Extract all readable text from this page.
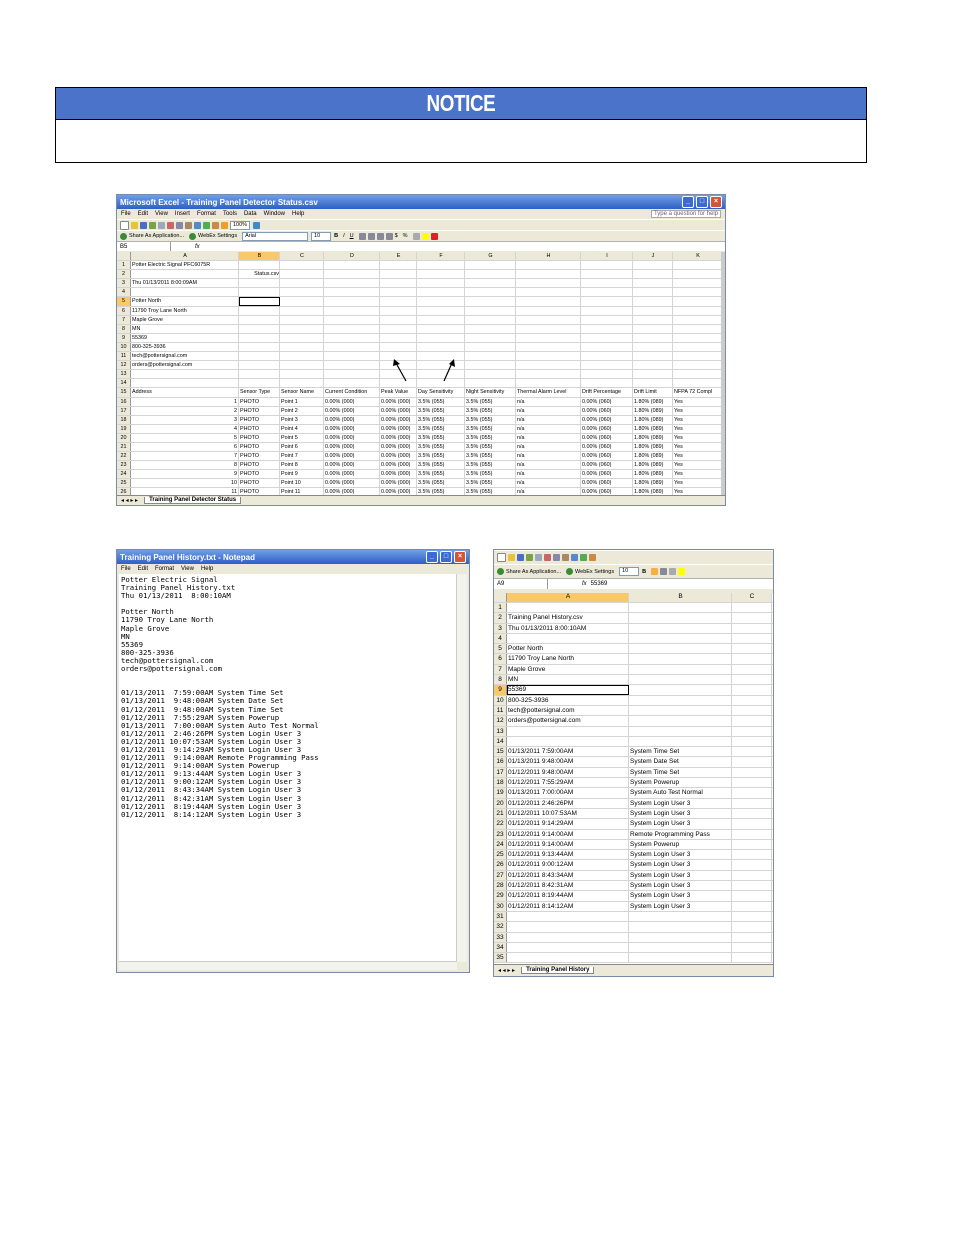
NOTICE
Microsoft Excel - Training Panel Detector Status.csv	_	□	×
File Edit View Insert Format Tools Data Window Help	Type a question for help
100%
Share As Application...	WebEx Settings	Arial	10	B I U	$ %
B5	fx
A	B	C	D	E	F	G	H	I	J	K
1	Potter Electric Signal PFC6075R
2	Status.csv
3	Thu 01/13/2011 8:00:09AM
4
5	Potter North
6	11790 Troy Lane North
7	Maple Grove
8	MN
9	55369
10	800-325-3936
11	tech@pottersignal.com
12	orders@pottersignal.com
13
14
15	Address	Sensor Type	Sensor Name	Current Condition	Peak Value	Day Sensitivity	Night Sensitivity	Thermal Alarm Level	Drift Percentage	Drift Limit	NFPA 72 Compl
16	1 PHOTO	Point 1	0.00% (000)	0.00% (000)	3.5% (055)	3.5% (055)	n/a	0.00% (060)	1.80% (089)	Yes
17	2 PHOTO	Point 2	0.00% (000)	0.00% (000)	3.5% (055)	3.5% (055)	n/a	0.00% (060)	1.80% (089)	Yes
18	3 PHOTO	Point 3	0.00% (000)	0.00% (000)	3.5% (055)	3.5% (055)	n/a	0.00% (060)	1.80% (089)	Yes
19	4 PHOTO	Point 4	0.00% (000)	0.00% (000)	3.5% (055)	3.5% (055)	n/a	0.00% (060)	1.80% (089)	Yes
20	5 PHOTO	Point 5	0.00% (000)	0.00% (000)	3.5% (055)	3.5% (055)	n/a	0.00% (060)	1.80% (089)	Yes
21	6 PHOTO	Point 6	0.00% (000)	0.00% (000)	3.5% (055)	3.5% (055)	n/a	0.00% (060)	1.80% (089)	Yes
22	7 PHOTO	Point 7	0.00% (000)	0.00% (000)	3.5% (055)	3.5% (055)	n/a	0.00% (060)	1.80% (089)	Yes
23	8 PHOTO	Point 8	0.00% (000)	0.00% (000)	3.5% (055)	3.5% (055)	n/a	0.00% (060)	1.80% (089)	Yes
24	9 PHOTO	Point 9	0.00% (000)	0.00% (000)	3.5% (055)	3.5% (055)	n/a	0.00% (060)	1.80% (089)	Yes
25	10 PHOTO	Point 10	0.00% (000)	0.00% (000)	3.5% (055)	3.5% (055)	n/a	0.00% (060)	1.80% (089)	Yes
26	11 PHOTO	Point 11	0.00% (000)	0.00% (000)	3.5% (055)	3.5% (055)	n/a	0.00% (060)	1.80% (089)	Yes
◂ ◂ ▸ ▸	Training Panel Detector Status
Training Panel History.txt - Notepad	_	□	×
File Edit Format View Help
Potter Electric Signal
Training Panel History.txt
Thu 01/13/2011  8:00:10AM
Potter North
11790 Troy Lane North
Maple Grove
MN
55369
800-325-3936
tech@pottersignal.com
orders@pottersignal.com
01/13/2011  7:59:00AM System Time Set
01/13/2011  9:48:00AM System Date Set
01/12/2011  9:48:00AM System Time Set
01/12/2011  7:55:29AM System Powerup
01/13/2011  7:00:00AM System Auto Test Normal
01/12/2011  2:46:26PM System Login User 3
01/12/2011 10:07:53AM System Login User 3
01/12/2011  9:14:29AM System Login User 3
01/12/2011  9:14:00AM Remote Programming Pass
01/12/2011  9:14:00AM System Powerup
01/12/2011  9:13:44AM System Login User 3
01/12/2011  9:00:12AM System Login User 3
01/12/2011  8:43:34AM System Login User 3
01/12/2011  8:42:31AM System Login User 3
01/12/2011  8:19:44AM System Login User 3
01/12/2011  8:14:12AM System Login User 3
Share As Application...	WebEx Settings	10	B
A9	fx 55369
A	B	C
1
2 Training Panel History.csv
3 Thu 01/13/2011 8:00:10AM
4
5 Potter North
6 11790 Troy Lane North
7 Maple Grove
8 MN
9 55369
10 800-325-3936
11 tech@pottersignal.com
12 orders@pottersignal.com
13
14
15 01/13/2011 7:59:00AM	System Time Set
16 01/13/2011 9:48:00AM	System Date Set
17 01/12/2011 9:48:00AM	System Time Set
18 01/12/2011 7:55:29AM	System Powerup
19 01/13/2011 7:00:00AM	System Auto Test Normal
20 01/12/2011 2:46:26PM	System Login User 3
21 01/12/2011 10:07:53AM	System Login User 3
22 01/12/2011 9:14:29AM	System Login User 3
23 01/12/2011 9:14:00AM	Remote Programming Pass
24 01/12/2011 9:14:00AM	System Powerup
25 01/12/2011 9:13:44AM	System Login User 3
26 01/12/2011 9:00:12AM	System Login User 3
27 01/12/2011 8:43:34AM	System Login User 3
28 01/12/2011 8:42:31AM	System Login User 3
29 01/12/2011 8:19:44AM	System Login User 3
30 01/12/2011 8:14:12AM	System Login User 3
31
32
33
34
35
◂ ◂ ▸ ▸	Training Panel History
